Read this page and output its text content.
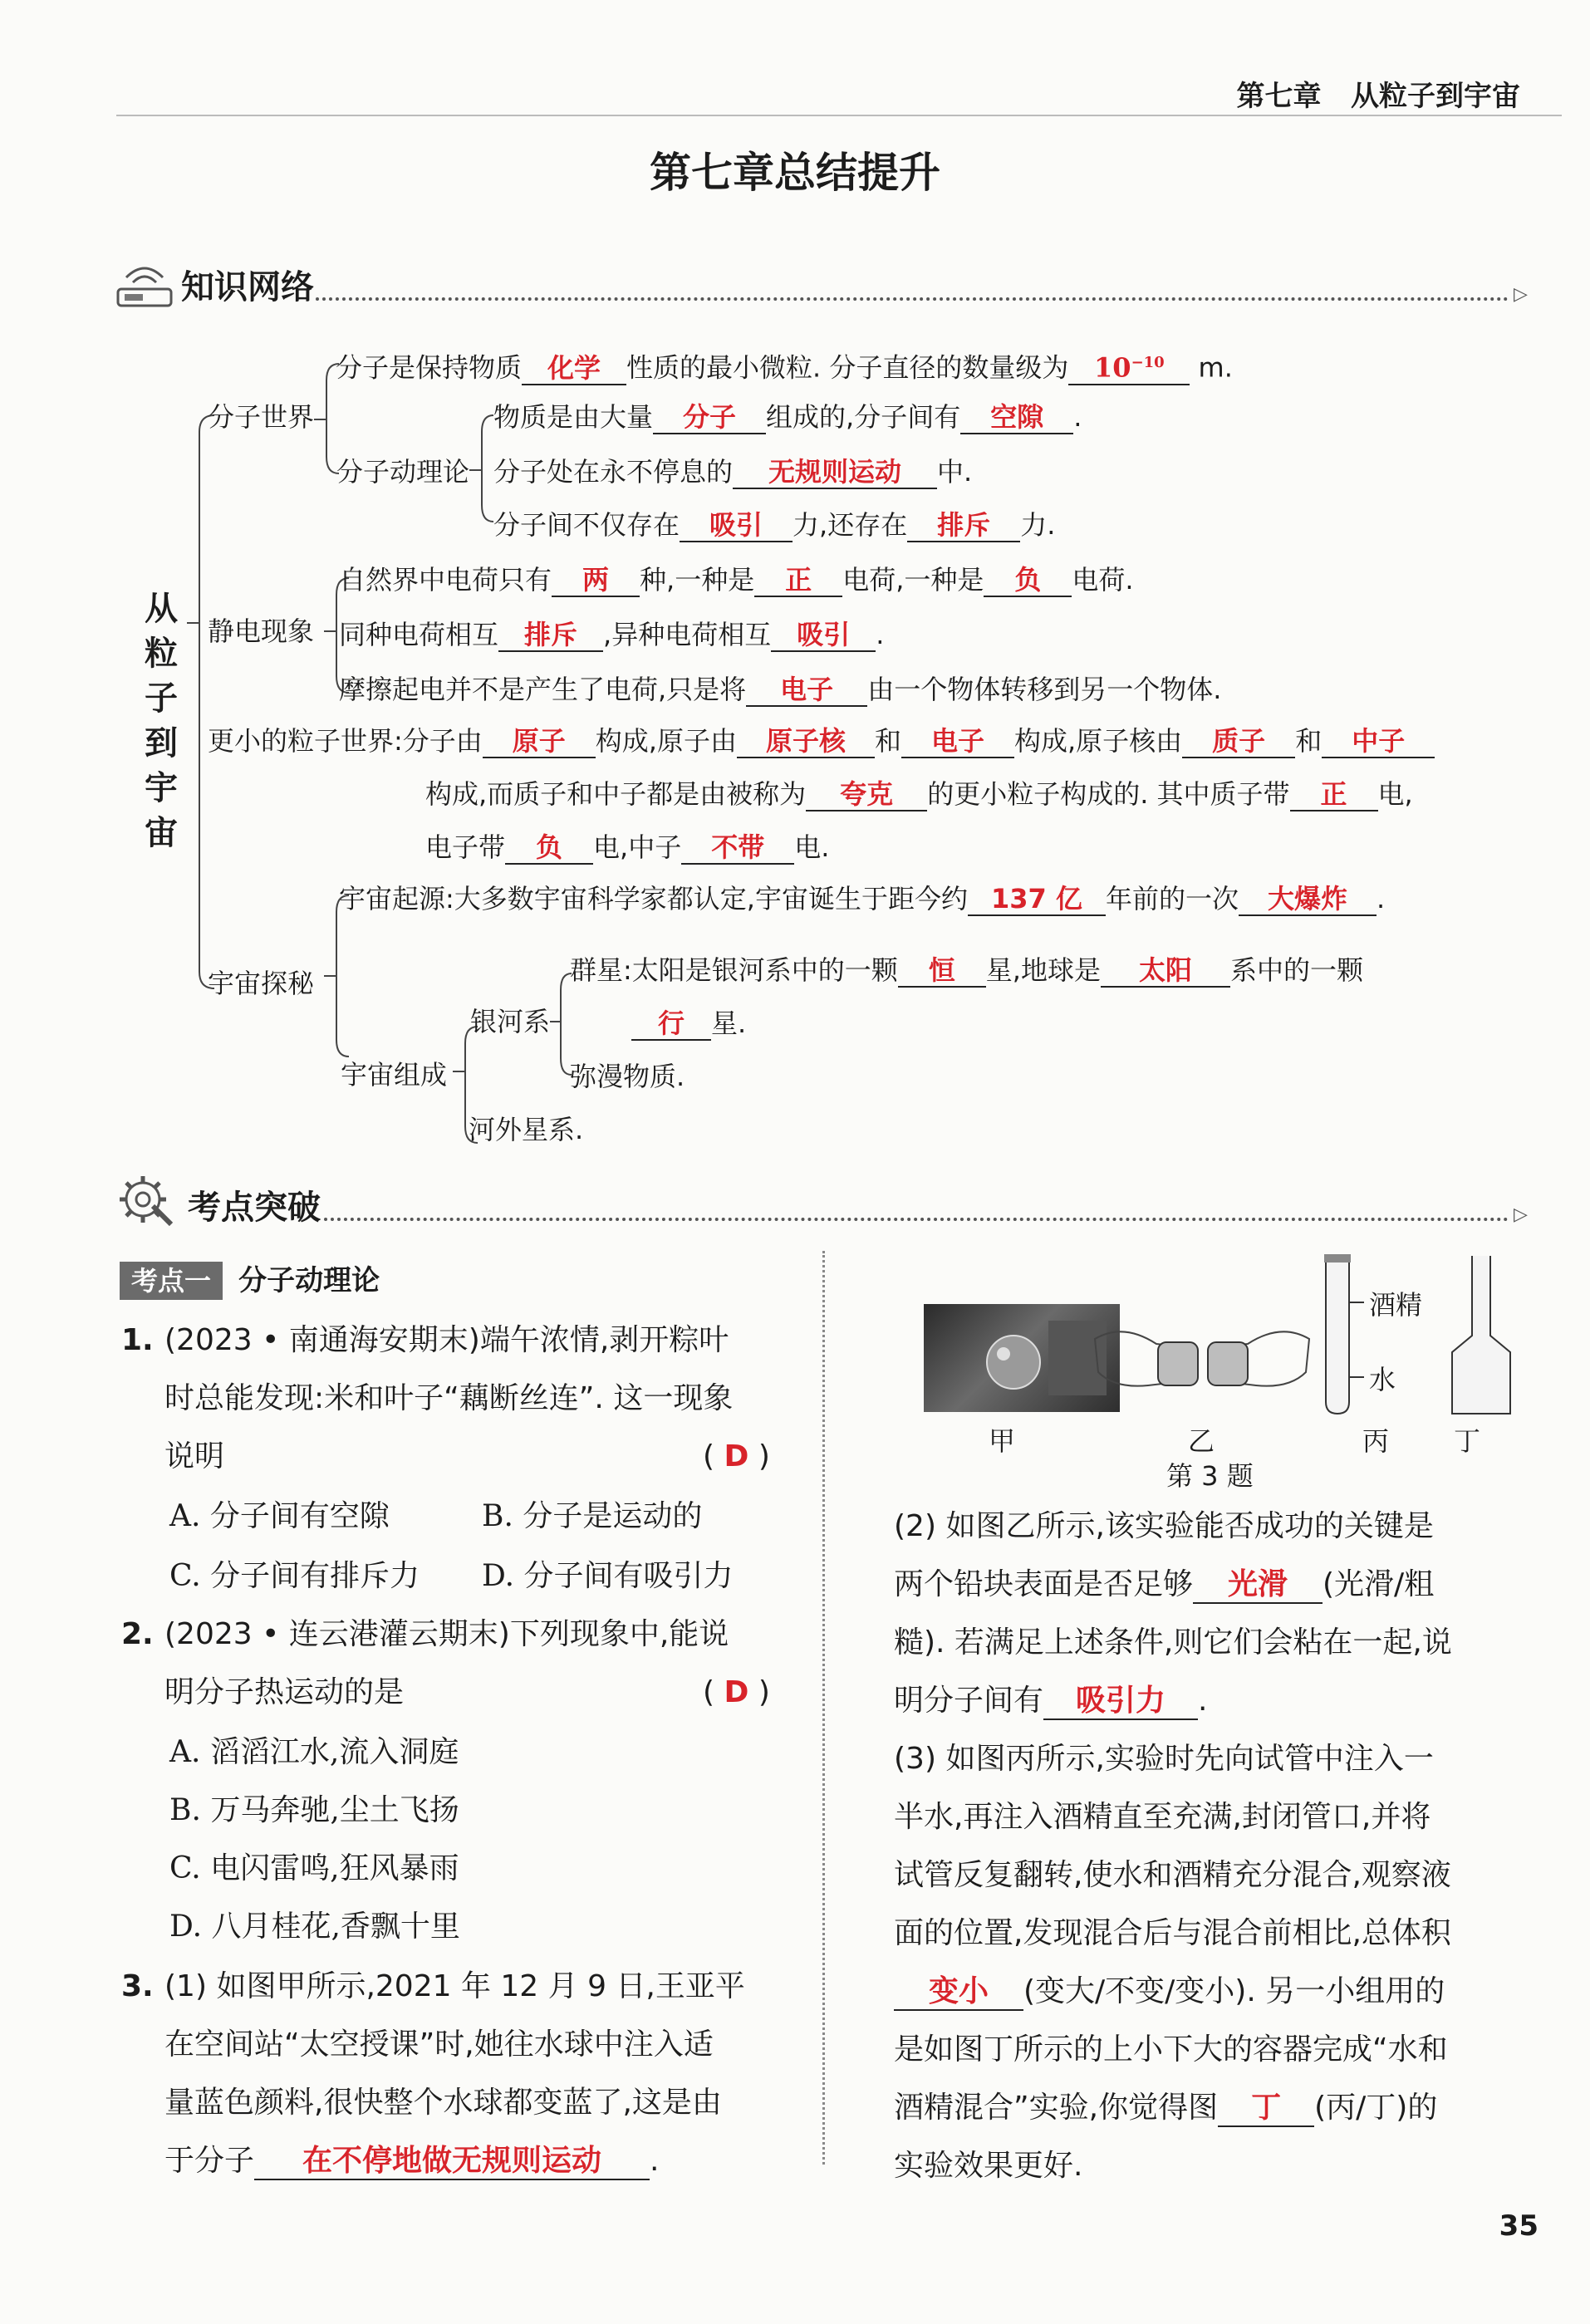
第七章 从粒子到宇宙
第七章总结提升
知识网络	▷
从粒子到宇宙
分子世界
分子动理论
静电现象
宇宙探秘
宇宙组成
银河系
分子是保持物质 化学 性质的最小微粒. 分子直径的数量级为 $10^{-10}$ m.
物质是由大量 分子 组成的,分子间有 空隙 .
分子处在永不停息的 无规则运动 中.
分子间不仅存在 吸引 力,还存在 排斥 力.
自然界中电荷只有 两 种,一种是 正 电荷,一种是 负 电荷.
同种电荷相互 排斥 ,异种电荷相互 吸引 .
摩擦起电并不是产生了电荷,只是将 电子 由一个物体转移到另一个物体.
更小的粒子世界:分子由 原子 构成,原子由 原子核 和 电子 构成,原子核由 质子 和 中子
构成,而质子和中子都是由被称为 夸克 的更小粒子构成的. 其中质子带 正 电,
电子带 负 电,中子 不带 电.
宇宙起源:大多数宇宙科学家都认定,宇宙诞生于距今约 137 亿 年前的一次 大爆炸 .
群星:太阳是银河系中的一颗 恒 星,地球是 太阳 系中的一颗
行 星.
弥漫物质.
河外星系.
考点突破	▷
考点一 分子动理论
1. (2023 • 南通海安期末)端午浓情,剥开粽叶
时总能发现:米和叶子“藕断丝连”. 这一现象
说明	( D )
A. 分子间有空隙	B. 分子是运动的
C. 分子间有排斥力 D. 分子间有吸引力
2. (2023 • 连云港灌云期末)下列现象中,能说
明分子热运动的是	( D )
A. 滔滔江水,流入洞庭
B. 万马奔驰,尘土飞扬
C. 电闪雷鸣,狂风暴雨
D. 八月桂花,香飘十里
3. (1) 如图甲所示,2021 年 12 月 9 日,王亚平
在空间站“太空授课”时,她往水球中注入适
量蓝色颜料,很快整个水球都变蓝了,这是由
于分子 在不停地做无规则运动 .
酒精
水
甲	乙	丙 丁
第 3 题
(2) 如图乙所示,该实验能否成功的关键是
两个铅块表面是否足够 光滑 (光滑/粗
糙). 若满足上述条件,则它们会粘在一起,说
明分子间有 吸引力 .
(3) 如图丙所示,实验时先向试管中注入一
半水,再注入酒精直至充满,封闭管口,并将
试管反复翻转,使水和酒精充分混合,观察液
面的位置,发现混合后与混合前相比,总体积
变小 (变大/不变/变小). 另一小组用的
是如图丁所示的上小下大的容器完成“水和
酒精混合”实验,你觉得图 丁 (丙/丁)的
实验效果更好.
35
